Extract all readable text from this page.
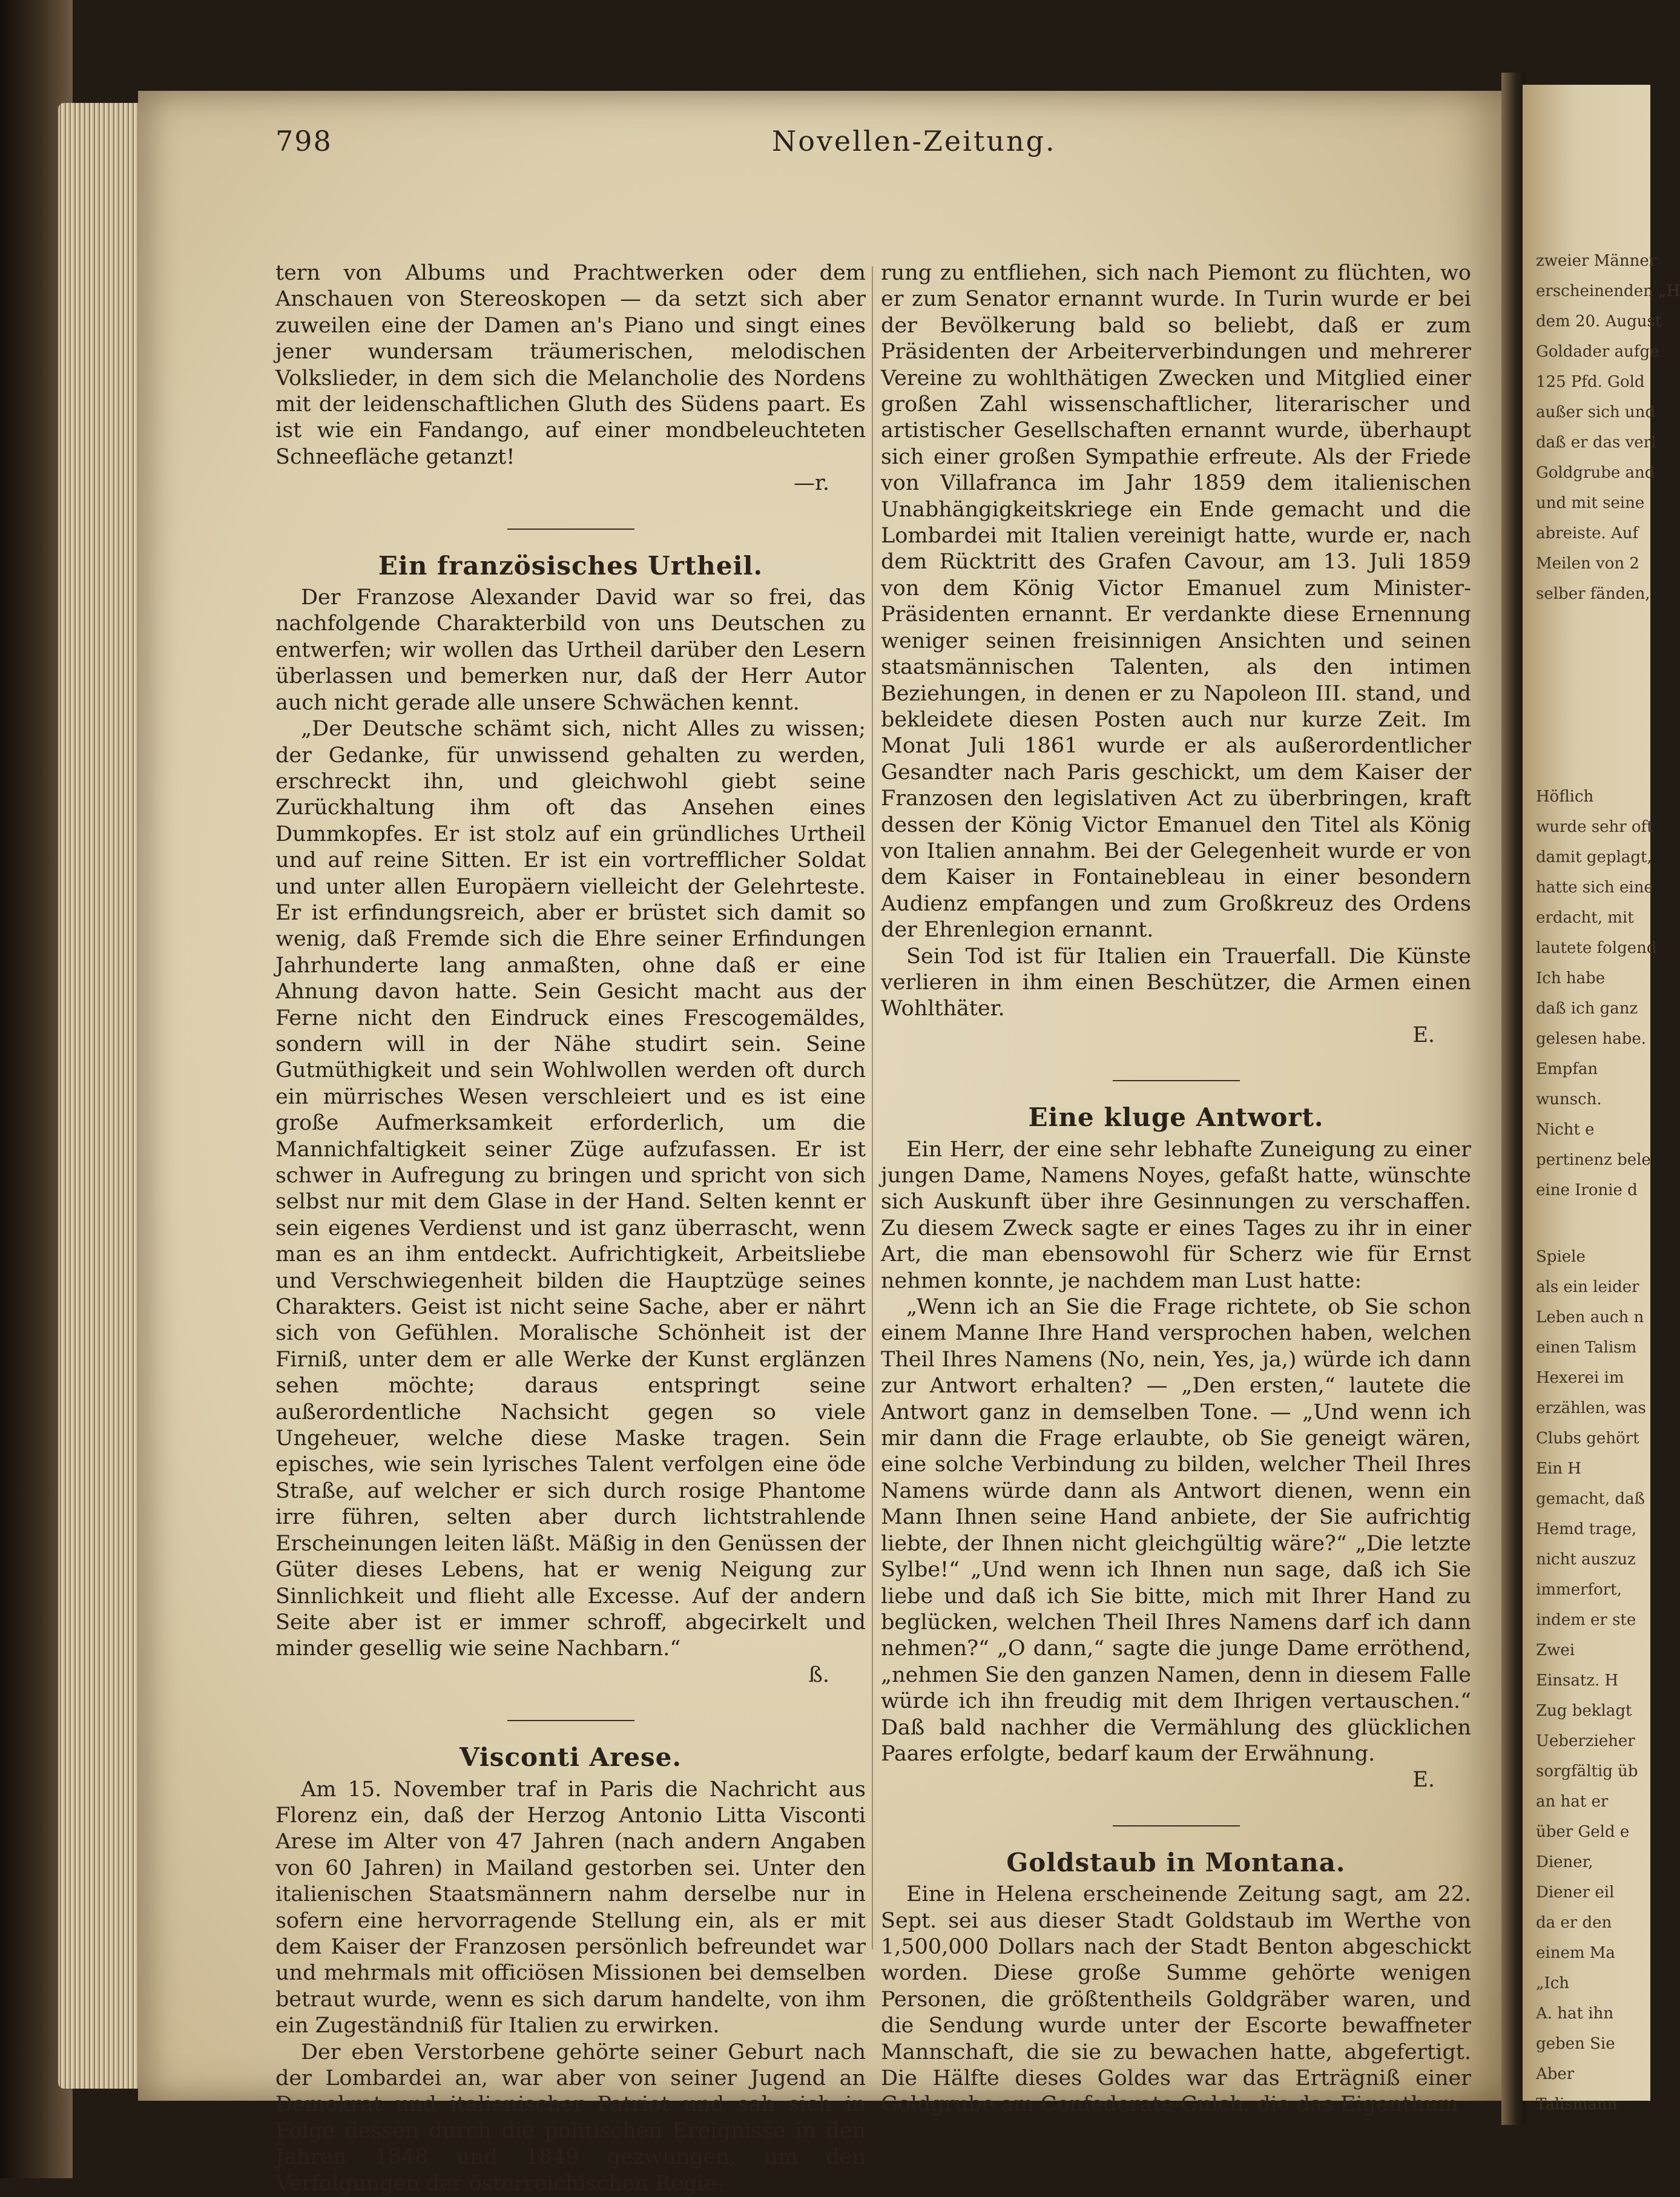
zweier Männer
erscheinenden „H
dem 20. August
Goldader aufge
125 Pfd. Gold
außer sich und
daß er das verl
Goldgrube and
und mit seine
abreiste. Auf
Meilen von 2
selber fänden,
Höflich
wurde sehr oft
damit geplagt,
hatte sich eine
erdacht, mit
lautete folgend
Ich habe
daß ich ganz
gelesen habe.
Empfan
wunsch.
Nicht e
pertinenz bele
eine Ironie d
Spiele
als ein leider
Leben auch n
einen Talism
Hexerei im
erzählen, was
Clubs gehört
Ein H
gemacht, daß
Hemd trage,
nicht auszuz
immerfort,
indem er ste
Zwei
Einsatz. H
Zug beklagt
Ueberzieher
sorgfältig üb
an hat er
über Geld e
Diener,
Diener eil
da er den
einem Ma
„Ich
A. hat ihn
geben Sie
Aber
Talismann
798	Novellen-Zeitung.

tern von Albums und Prachtwerken oder dem Anschauen von Stereoskopen — da setzt sich aber zuweilen eine der Damen an's Piano und singt eines jener wundersam träumerischen, melodischen Volkslieder, in dem sich die Melancholie des Nordens mit der leidenschaftlichen Gluth des Südens paart. Es ist wie ein Fandango, auf einer mondbeleuchteten Schneefläche getanzt!

—r.
Ein französisches Urtheil.

Der Franzose Alexander David war so frei, das nachfolgende Charakterbild von uns Deutschen zu entwerfen; wir wollen das Urtheil darüber den Lesern überlassen und bemerken nur, daß der Herr Autor auch nicht gerade alle unsere Schwächen kennt.

„Der Deutsche schämt sich, nicht Alles zu wissen; der Gedanke, für unwissend gehalten zu werden, erschreckt ihn, und gleichwohl giebt seine Zurückhaltung ihm oft das Ansehen eines Dummkopfes. Er ist stolz auf ein gründliches Urtheil und auf reine Sitten. Er ist ein vortrefflicher Soldat und unter allen Europäern vielleicht der Gelehrteste. Er ist erfindungsreich, aber er brüstet sich damit so wenig, daß Fremde sich die Ehre seiner Erfindungen Jahrhunderte lang anmaßten, ohne daß er eine Ahnung davon hatte. Sein Gesicht macht aus der Ferne nicht den Eindruck eines Frescogemäldes, sondern will in der Nähe studirt sein. Seine Gutmüthigkeit und sein Wohlwollen werden oft durch ein mürrisches Wesen verschleiert und es ist eine große Aufmerksamkeit erforderlich, um die Mannichfaltigkeit seiner Züge aufzufassen. Er ist schwer in Aufregung zu bringen und spricht von sich selbst nur mit dem Glase in der Hand. Selten kennt er sein eigenes Verdienst und ist ganz überrascht, wenn man es an ihm entdeckt. Aufrichtigkeit, Arbeitsliebe und Verschwiegenheit bilden die Hauptzüge seines Charakters. Geist ist nicht seine Sache, aber er nährt sich von Gefühlen. Moralische Schönheit ist der Firniß, unter dem er alle Werke der Kunst erglänzen sehen möchte; daraus entspringt seine außerordentliche Nachsicht gegen so viele Ungeheuer, welche diese Maske tragen. Sein episches, wie sein lyrisches Talent verfolgen eine öde Straße, auf welcher er sich durch rosige Phantome irre führen, selten aber durch lichtstrahlende Erscheinungen leiten läßt. Mäßig in den Genüssen der Güter dieses Lebens, hat er wenig Neigung zur Sinnlichkeit und flieht alle Excesse. Auf der andern Seite aber ist er immer schroff, abgecirkelt und minder gesellig wie seine Nachbarn.“

ß.
Visconti Arese.

Am 15. November traf in Paris die Nachricht aus Florenz ein, daß der Herzog Antonio Litta Visconti Arese im Alter von 47 Jahren (nach andern Angaben von 60 Jahren) in Mailand gestorben sei. Unter den italienischen Staatsmännern nahm derselbe nur in sofern eine hervorragende Stellung ein, als er mit dem Kaiser der Franzosen persönlich befreundet war und mehrmals mit officiösen Missionen bei demselben betraut wurde, wenn es sich darum handelte, von ihm ein Zugeständniß für Italien zu erwirken.

Der eben Verstorbene gehörte seiner Geburt nach der Lombardei an, war aber von seiner Jugend an Demokrat und italienischer Patriot und sah sich in Folge dessen durch die politischen Ereignisse in den Jahren 1848 und 1849 gezwungen, um den Verfolgungen der österreichischen Regie-

rung zu entfliehen, sich nach Piemont zu flüchten, wo er zum Senator ernannt wurde. In Turin wurde er bei der Bevölkerung bald so beliebt, daß er zum Präsidenten der Arbeiterverbindungen und mehrerer Vereine zu wohlthätigen Zwecken und Mitglied einer großen Zahl wissenschaftlicher, literarischer und artistischer Gesellschaften ernannt wurde, überhaupt sich einer großen Sympathie erfreute. Als der Friede von Villafranca im Jahr 1859 dem italienischen Unabhängigkeitskriege ein Ende gemacht und die Lombardei mit Italien vereinigt hatte, wurde er, nach dem Rücktritt des Grafen Cavour, am 13. Juli 1859 von dem König Victor Emanuel zum Minister-Präsidenten ernannt. Er verdankte diese Ernennung weniger seinen freisinnigen Ansichten und seinen staatsmännischen Talenten, als den intimen Beziehungen, in denen er zu Napoleon III. stand, und bekleidete diesen Posten auch nur kurze Zeit. Im Monat Juli 1861 wurde er als außerordentlicher Gesandter nach Paris geschickt, um dem Kaiser der Franzosen den legislativen Act zu überbringen, kraft dessen der König Victor Emanuel den Titel als König von Italien annahm. Bei der Gelegenheit wurde er von dem Kaiser in Fontainebleau in einer besondern Audienz empfangen und zum Großkreuz des Ordens der Ehrenlegion ernannt.

Sein Tod ist für Italien ein Trauerfall. Die Künste verlieren in ihm einen Beschützer, die Armen einen Wohlthäter.

E.
Eine kluge Antwort.

Ein Herr, der eine sehr lebhafte Zuneigung zu einer jungen Dame, Namens Noyes, gefaßt hatte, wünschte sich Auskunft über ihre Gesinnungen zu verschaffen. Zu diesem Zweck sagte er eines Tages zu ihr in einer Art, die man ebensowohl für Scherz wie für Ernst nehmen konnte, je nachdem man Lust hatte:

„Wenn ich an Sie die Frage richtete, ob Sie schon einem Manne Ihre Hand versprochen haben, welchen Theil Ihres Namens (No, nein, Yes, ja,) würde ich dann zur Antwort erhalten? — „Den ersten,“ lautete die Antwort ganz in demselben Tone. — „Und wenn ich mir dann die Frage erlaubte, ob Sie geneigt wären, eine solche Verbindung zu bilden, welcher Theil Ihres Namens würde dann als Antwort dienen, wenn ein Mann Ihnen seine Hand anbiete, der Sie aufrichtig liebte, der Ihnen nicht gleichgültig wäre?“ „Die letzte Sylbe!“ „Und wenn ich Ihnen nun sage, daß ich Sie liebe und daß ich Sie bitte, mich mit Ihrer Hand zu beglücken, welchen Theil Ihres Namens darf ich dann nehmen?“ „O dann,“ sagte die junge Dame erröthend, „nehmen Sie den ganzen Namen, denn in diesem Falle würde ich ihn freudig mit dem Ihrigen vertauschen.“ Daß bald nachher die Vermählung des glücklichen Paares erfolgte, bedarf kaum der Erwähnung.

E.
Goldstaub in Montana.

Eine in Helena erscheinende Zeitung sagt, am 22. Sept. sei aus dieser Stadt Goldstaub im Werthe von 1,500,000 Dollars nach der Stadt Benton abgeschickt worden. Diese große Summe gehörte wenigen Personen, die größtentheils Goldgräber waren, und die Sendung wurde unter der Escorte bewaffneter Mannschaft, die sie zu bewachen hatte, abgefertigt. Die Hälfte dieses Goldes war das Erträgniß einer Goldgrube am Confederate-Gulch, die das Eigenthum
